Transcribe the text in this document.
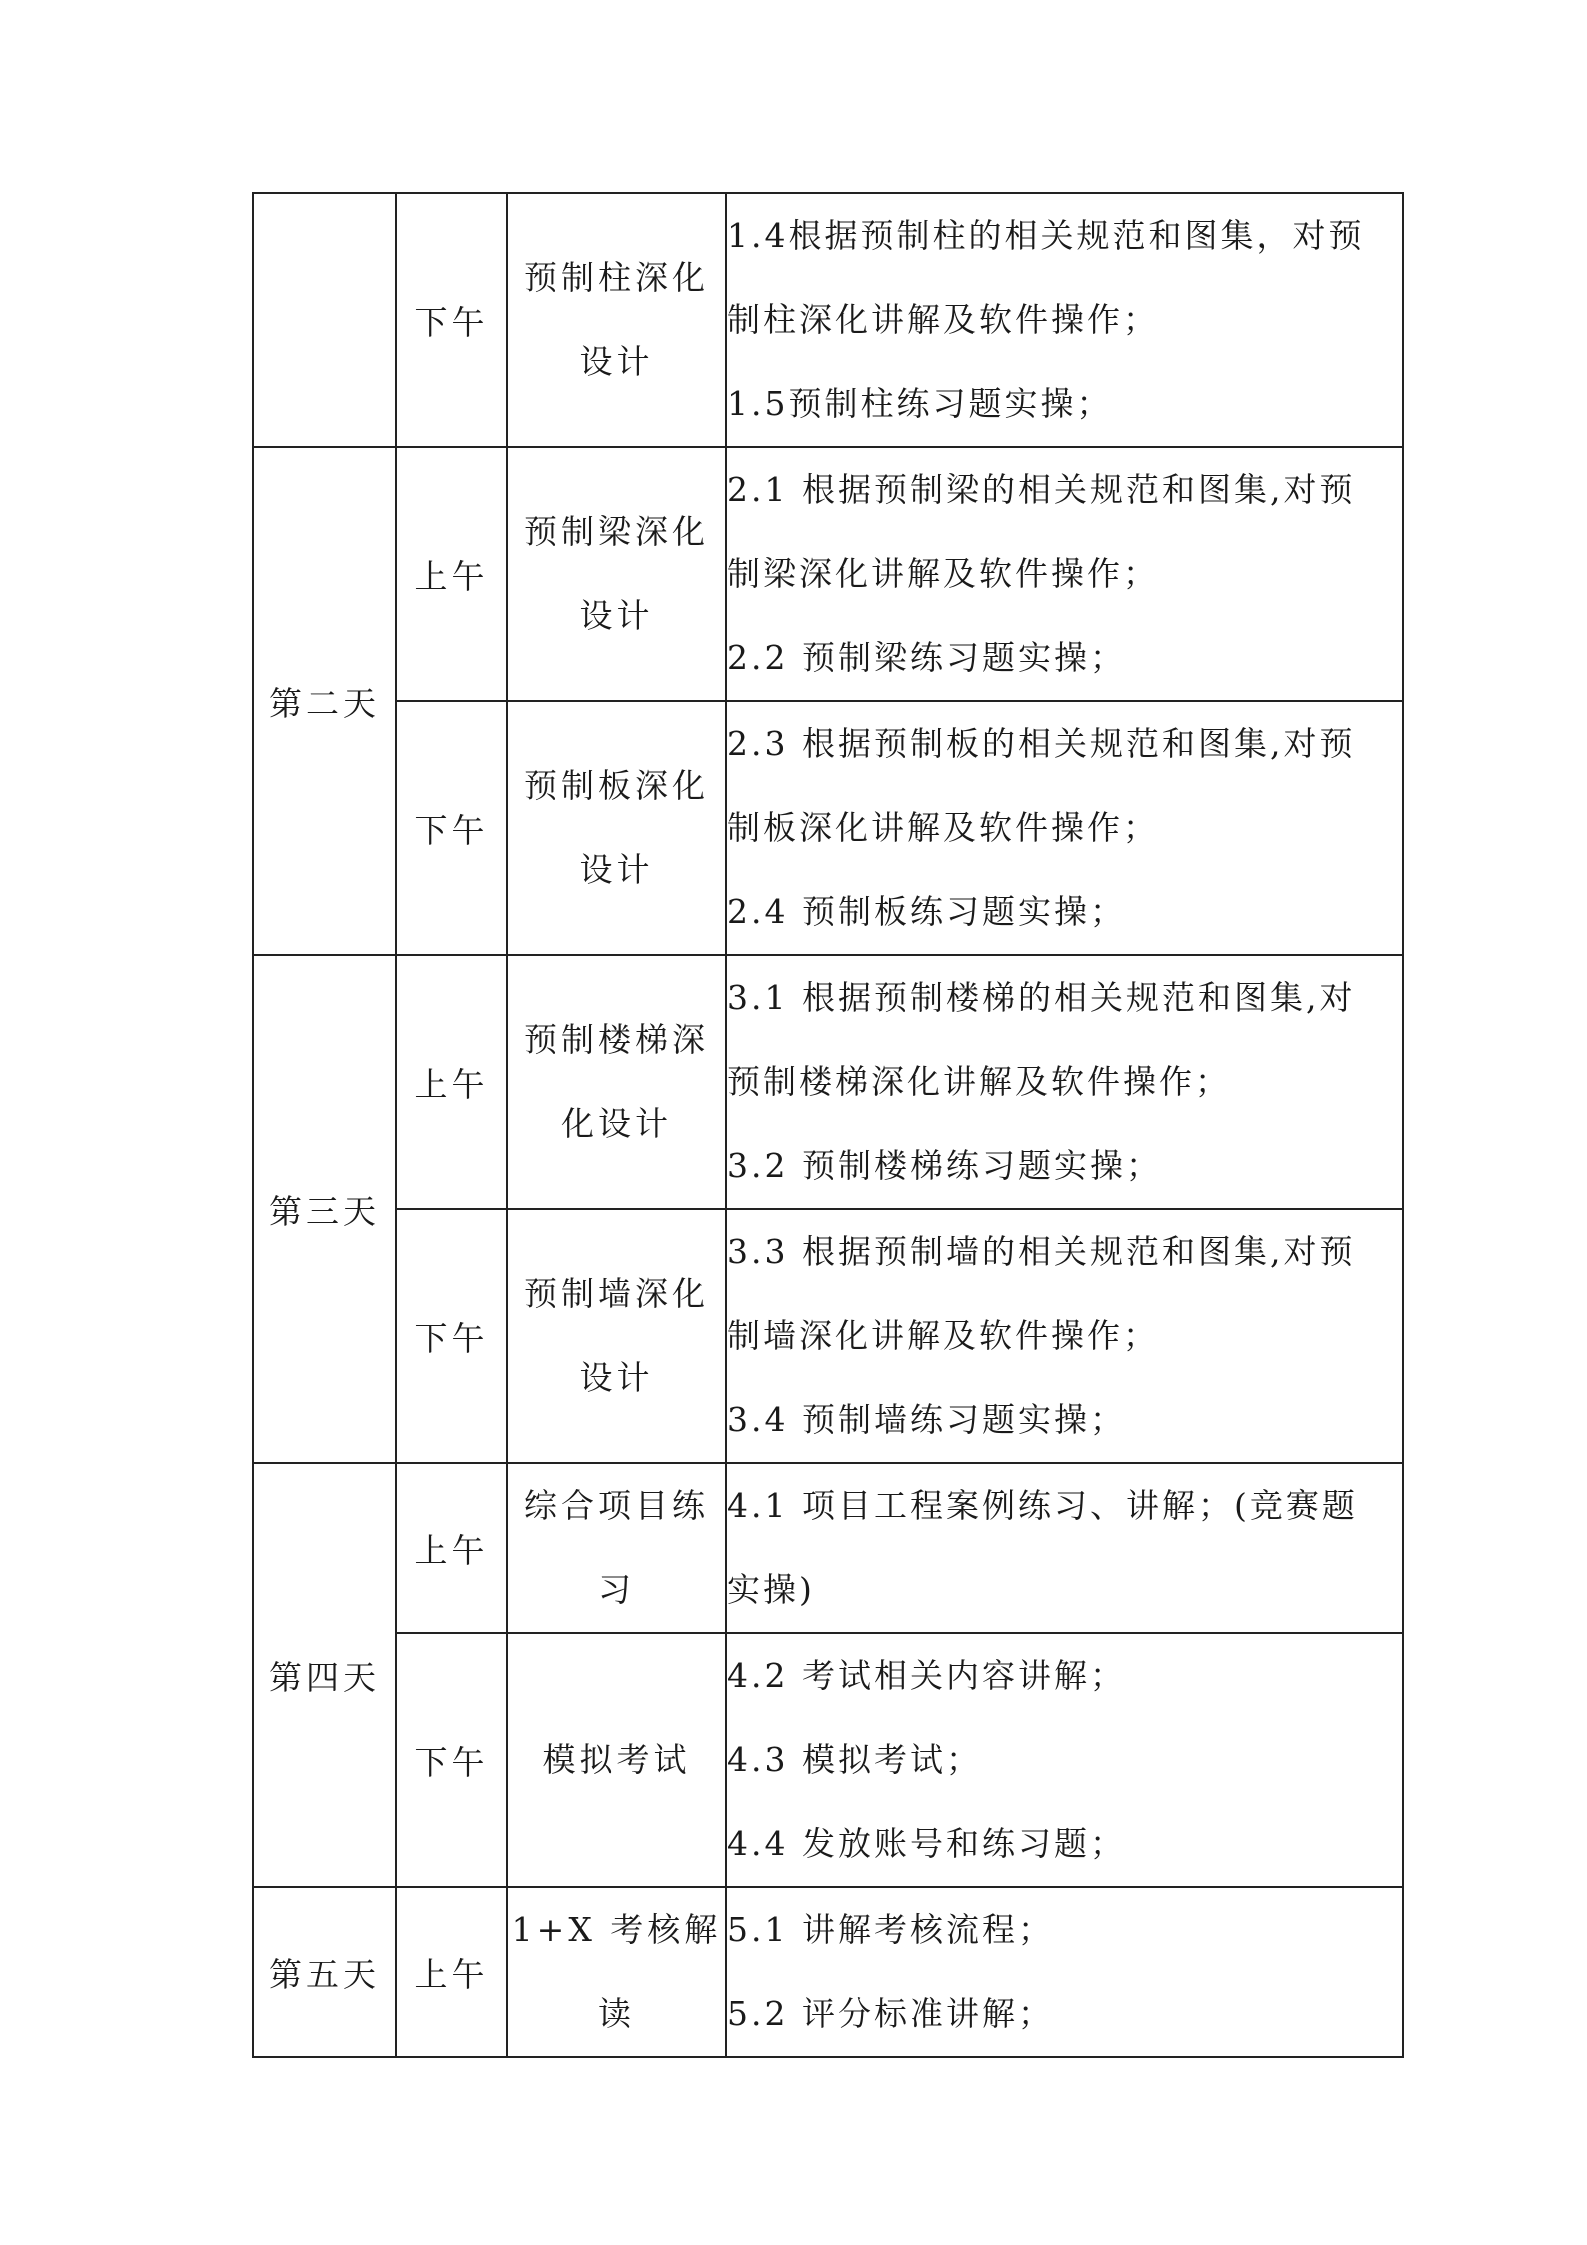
	下午	预制柱深化设计	1.4根据预制柱的相关规范和图集，对预
制柱深化讲解及软件操作；
1.5预制柱练习题实操；

第二天	上午	预制梁深化设计	2.1 根据预制梁的相关规范和图集,对预
制梁深化讲解及软件操作；
2.2 预制梁练习题实操；

	下午	预制板深化设计	2.3 根据预制板的相关规范和图集,对预
制板深化讲解及软件操作；
2.4 预制板练习题实操；

第三天	上午	预制楼梯深化设计	3.1 根据预制楼梯的相关规范和图集,对
预制楼梯深化讲解及软件操作；
3.2 预制楼梯练习题实操；

	下午	预制墙深化设计	3.3 根据预制墙的相关规范和图集,对预
制墙深化讲解及软件操作；
3.4 预制墙练习题实操；

第四天	上午	综合项目练习	4.1 项目工程案例练习、讲解；(竞赛题
实操)

	下午	模拟考试	4.2 考试相关内容讲解；
4.3 模拟考试；
4.4 发放账号和练习题；

第五天	上午	1+X 考核解读	5.1 讲解考核流程；
5.2 评分标准讲解；
